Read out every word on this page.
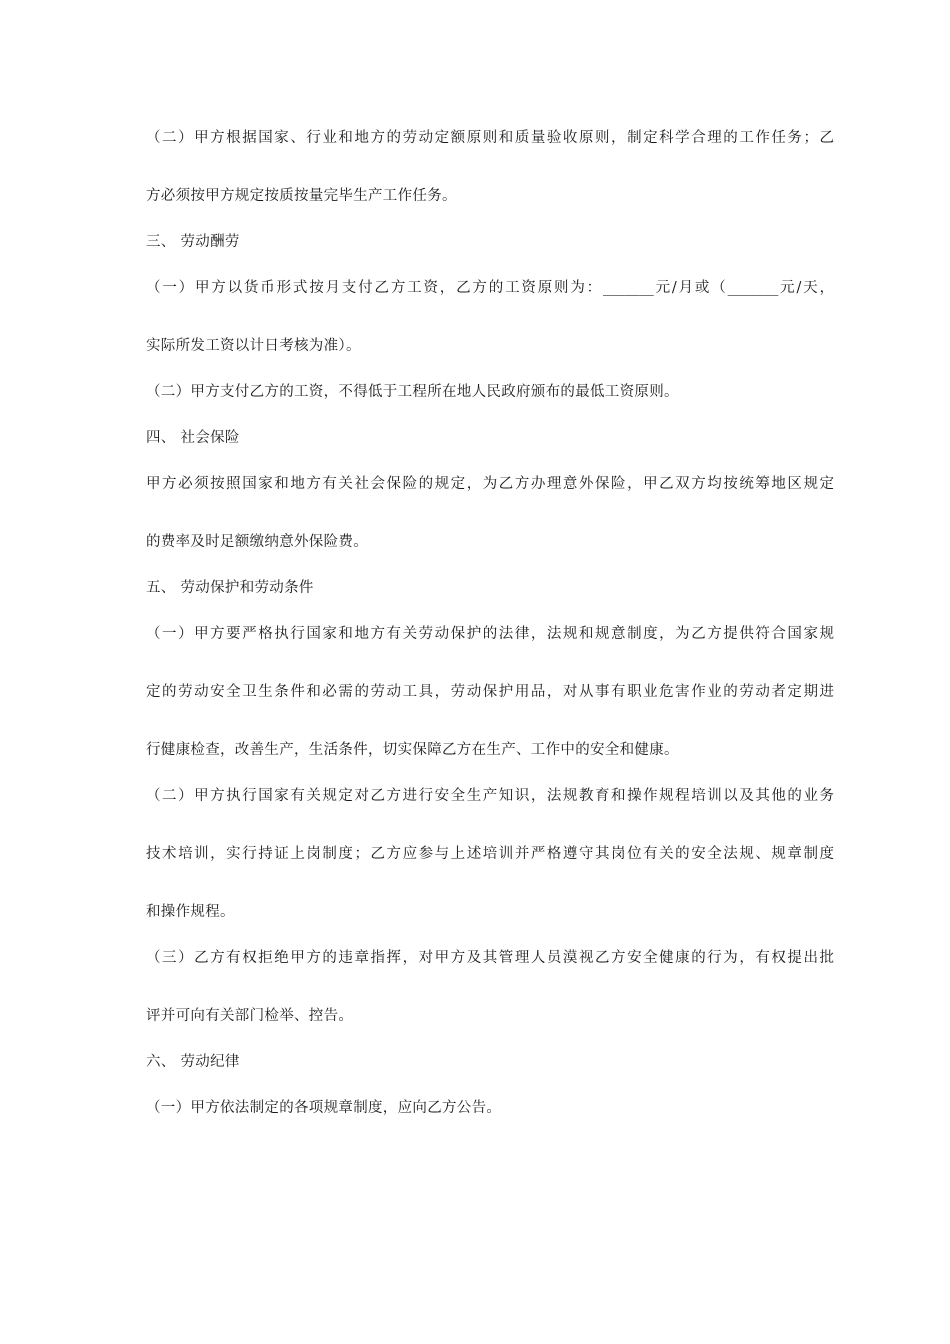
（二）甲方根据国家、行业和地方的劳动定额原则和质量验收原则，制定科学合理的工作任务；乙
方必须按甲方规定按质按量完毕生产工作任务。
三、 劳动酬劳
（一）甲方以货币形式按月支付乙方工资，乙方的工资原则为：_______元/月或（_______元/天，
实际所发工资以计日考核为准）。
（二）甲方支付乙方的工资，不得低于工程所在地人民政府颁布的最低工资原则。
四、 社会保险
甲方必须按照国家和地方有关社会保险的规定，为乙方办理意外保险，甲乙双方均按统筹地区规定
的费率及时足额缴纳意外保险费。
五、 劳动保护和劳动条件
（一）甲方要严格执行国家和地方有关劳动保护的法律，法规和规意制度，为乙方提供符合国家规
定的劳动安全卫生条件和必需的劳动工具，劳动保护用品，对从事有职业危害作业的劳动者定期进
行健康检查，改善生产，生活条件，切实保障乙方在生产、工作中的安全和健康。
（二）甲方执行国家有关规定对乙方进行安全生产知识，法规教育和操作规程培训以及其他的业务
技术培训，实行持证上岗制度；乙方应参与上述培训并严格遵守其岗位有关的安全法规、规章制度
和操作规程。
（三）乙方有权拒绝甲方的违章指挥，对甲方及其管理人员漠视乙方安全健康的行为，有权提出批
评并可向有关部门检举、控告。
六、 劳动纪律
（一）甲方依法制定的各项规章制度，应向乙方公告。
